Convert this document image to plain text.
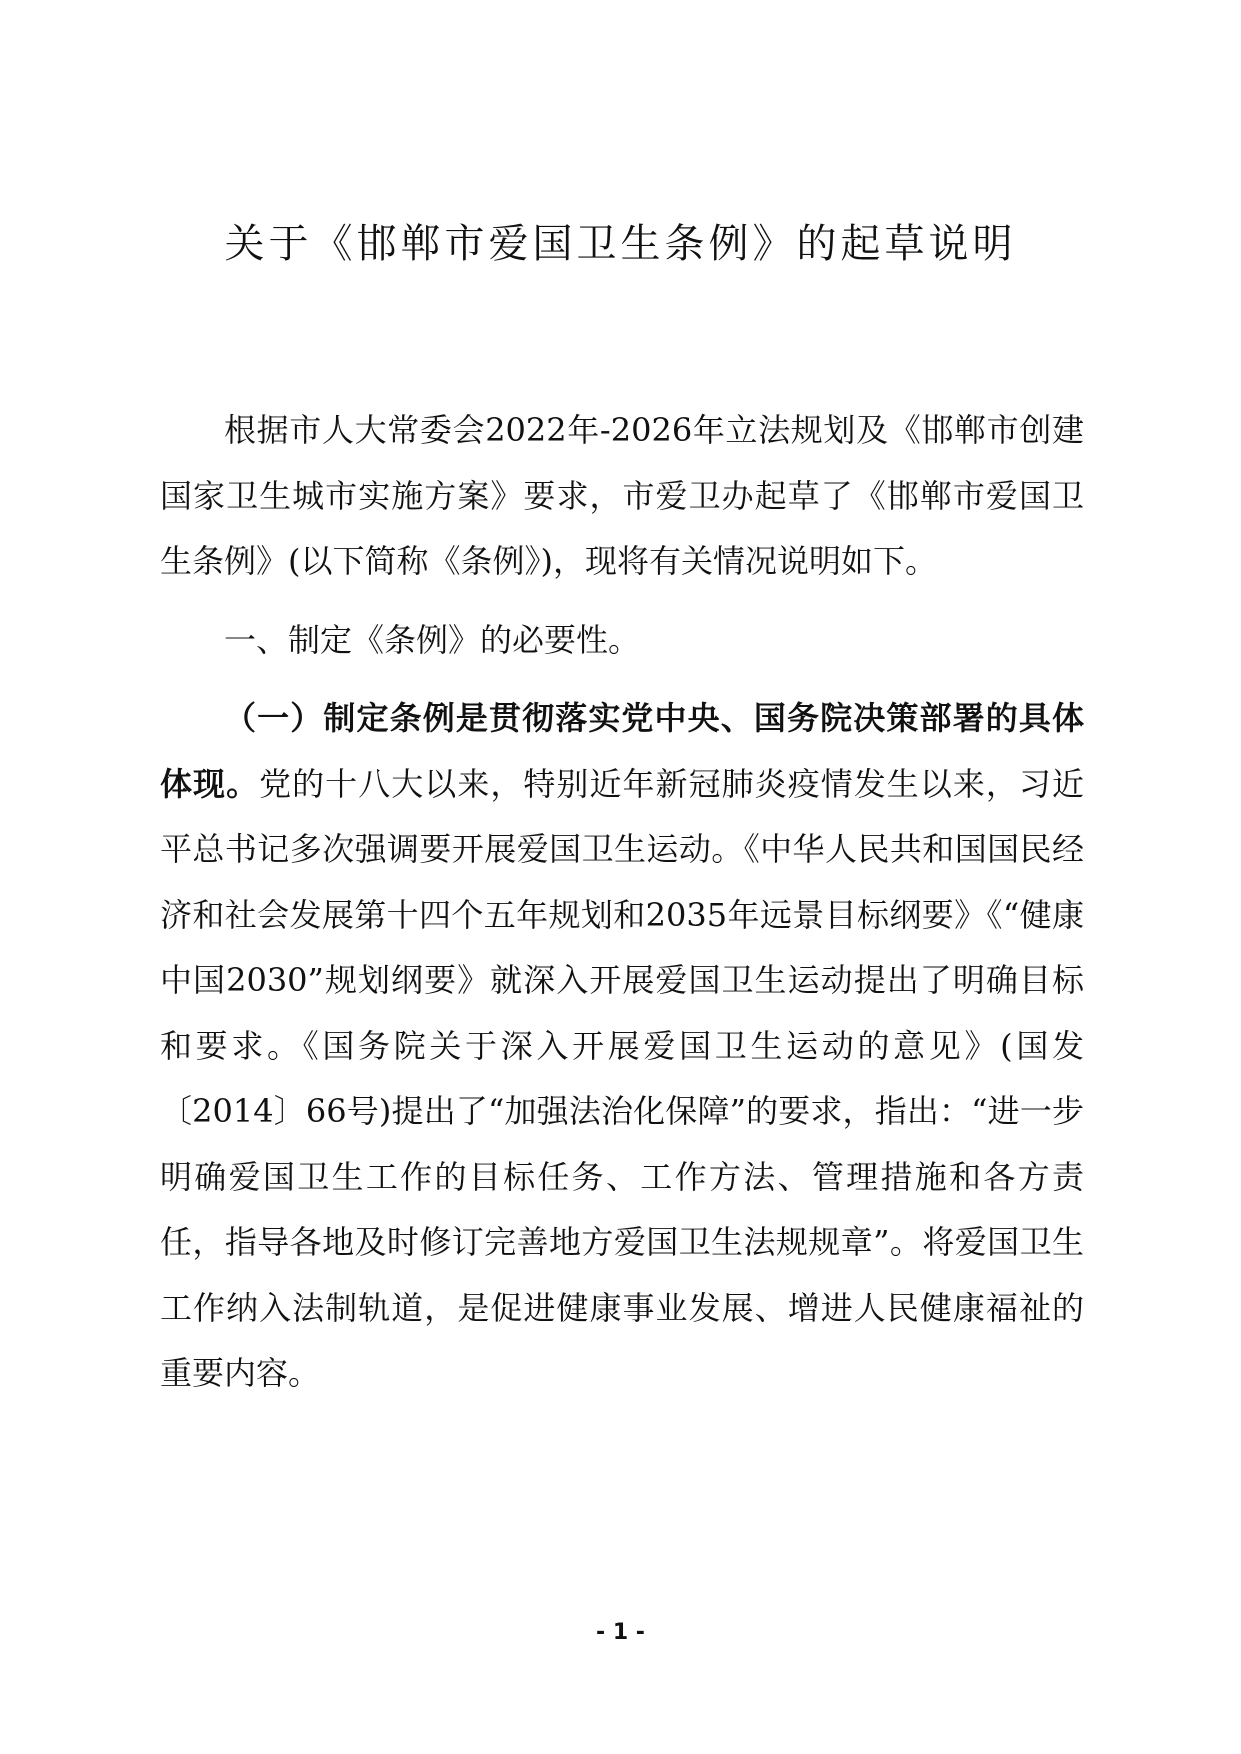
关于《邯郸市爱国卫生条例》的起草说明

根据市人大常委会2022年-2026年立法规划及《邯郸市创建国家卫生城市实施方案》要求，市爱卫办起草了《邯郸市爱国卫生条例》(以下简称《条例》)，现将有关情况说明如下。

一、制定《条例》的必要性。

（一）制定条例是贯彻落实党中央、国务院决策部署的具体体现。党的十八大以来，特别近年新冠肺炎疫情发生以来，习近平总书记多次强调要开展爱国卫生运动。《中华人民共和国国民经济和社会发展第十四个五年规划和2035年远景目标纲要》《“健康中国2030”规划纲要》就深入开展爱国卫生运动提出了明确目标和要求。《国务院关于深入开展爱国卫生运动的意见》(国发〔2014〕66号)提出了“加强法治化保障”的要求，指出：“进一步明确爱国卫生工作的目标任务、工作方法、管理措施和各方责任，指导各地及时修订完善地方爱国卫生法规规章”。将爱国卫生工作纳入法制轨道，是促进健康事业发展、增进人民健康福祉的重要内容。

- 1 -
